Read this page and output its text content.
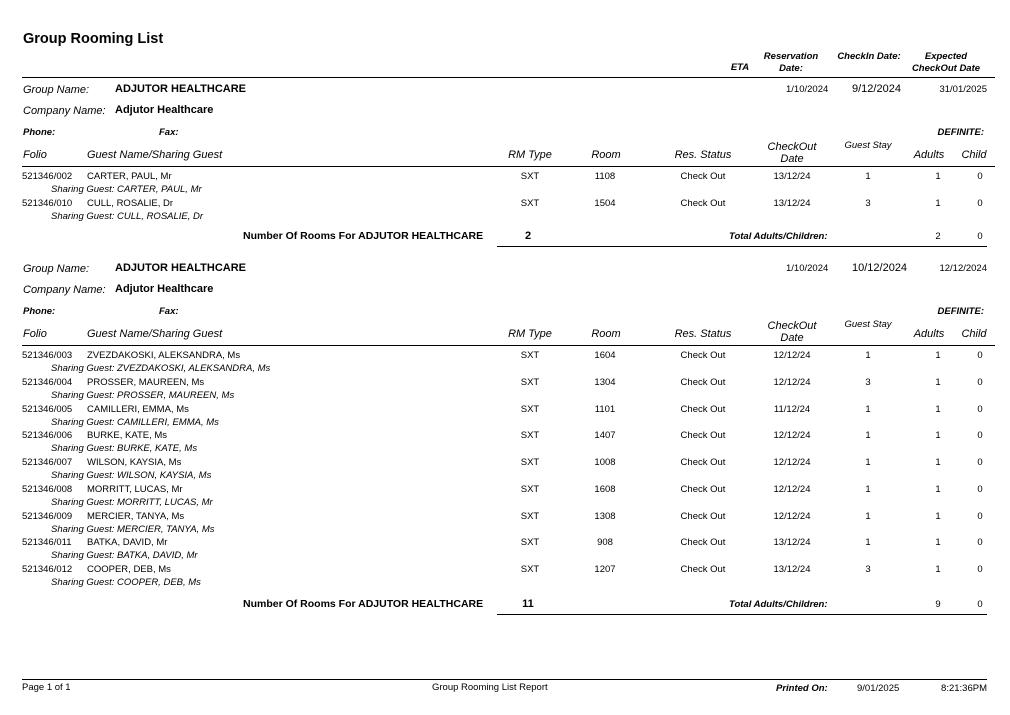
Group Rooming List
ETA
Reservation Date:
CheckIn Date:	Expected CheckOut Date
Group Name: ADJUTOR HEALTHCARE	1/10/2024 9/12/2024	31/01/2025
Company Name: Adjutor Healthcare
Phone:	Fax:	DEFINITE:
Folio	Guest Name/Sharing Guest	RM Type	Room	Res. Status
CheckOut Date
Guest Stay
Adults	Child
521346/002 CARTER, PAUL, Mr	SXT	1108	Check Out	13/12/24	1	1	0
Sharing Guest: CARTER, PAUL, Mr
521346/010 CULL, ROSALIE, Dr	SXT	1504	Check Out	13/12/24	3	1	0
Sharing Guest: CULL, ROSALIE, Dr
Number Of Rooms For ADJUTOR HEALTHCARE	2	Total Adults/Children:	2	0
Group Name: ADJUTOR HEALTHCARE	1/10/2024 10/12/2024	12/12/2024
Company Name: Adjutor Healthcare
Phone:	Fax:	DEFINITE:
Folio	Guest Name/Sharing Guest	RM Type	Room	Res. Status
CheckOut Date
Guest Stay
Adults	Child
521346/003 ZVEZDAKOSKI, ALEKSANDRA, Ms	SXT	1604	Check Out	12/12/24	1	1	0
Sharing Guest: ZVEZDAKOSKI, ALEKSANDRA, Ms
521346/004 PROSSER, MAUREEN, Ms	SXT	1304	Check Out	12/12/24	3	1	0
Sharing Guest: PROSSER, MAUREEN, Ms
521346/005 CAMILLERI, EMMA, Ms	SXT	1101	Check Out	11/12/24	1	1	0
Sharing Guest: CAMILLERI, EMMA, Ms
521346/006 BURKE, KATE, Ms	SXT	1407	Check Out	12/12/24	1	1	0
Sharing Guest: BURKE, KATE, Ms
521346/007 WILSON, KAYSIA, Ms	SXT	1008	Check Out	12/12/24	1	1	0
Sharing Guest: WILSON, KAYSIA, Ms
521346/008 MORRITT, LUCAS, Mr	SXT	1608	Check Out	12/12/24	1	1	0
Sharing Guest: MORRITT, LUCAS, Mr
521346/009 MERCIER, TANYA, Ms	SXT	1308	Check Out	12/12/24	1	1	0
Sharing Guest: MERCIER, TANYA, Ms
521346/011 BATKA, DAVID, Mr	SXT	908	Check Out	13/12/24	1	1	0
Sharing Guest: BATKA, DAVID, Mr
521346/012 COOPER, DEB, Ms	SXT	1207	Check Out	13/12/24	3	1	0
Sharing Guest: COOPER, DEB, Ms
Number Of Rooms For ADJUTOR HEALTHCARE	11	Total Adults/Children:	9	0
Page 1 of 1	Group Rooming List Report	Printed On:	9/01/2025	8:21:36PM
